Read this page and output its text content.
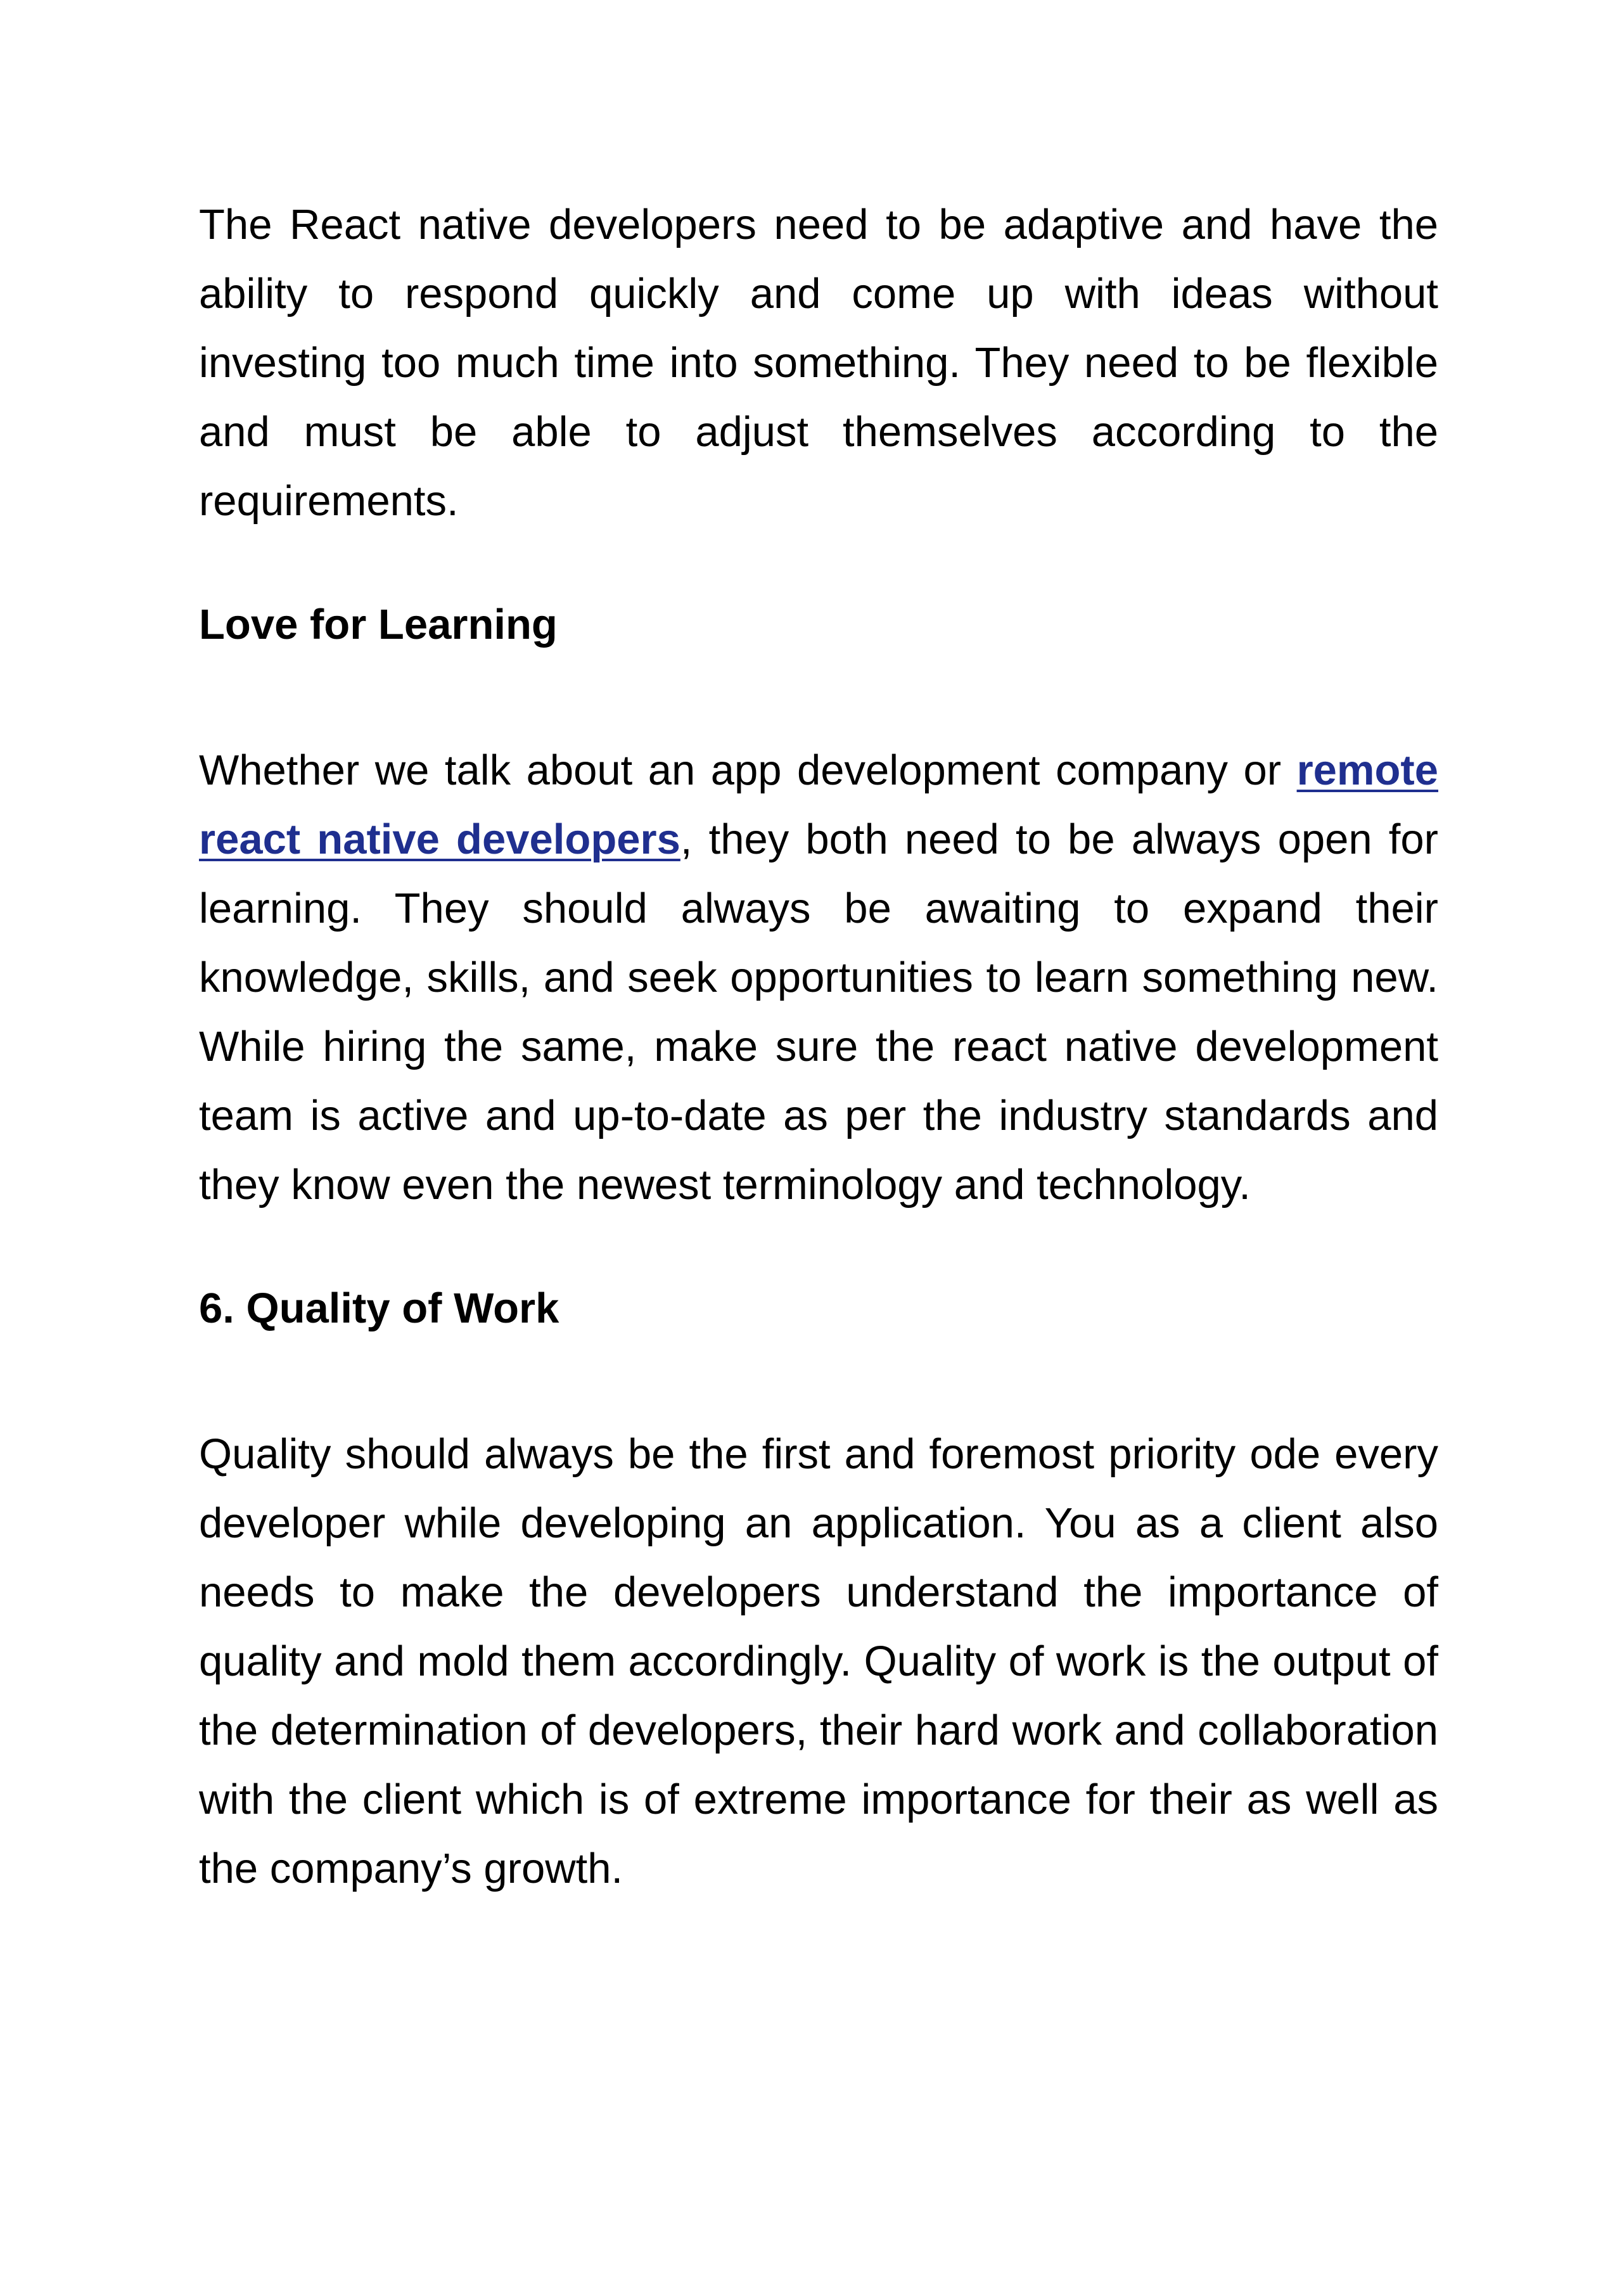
The React native developers need to be adaptive and have the ability to respond quickly and come up with ideas without investing too much time into something. They need to be flexible and must be able to adjust themselves according to the requirements.

Love for Learning

Whether we talk about an app development company or remote react native developers, they both need to be always open for learning. They should always be awaiting to expand their knowledge, skills, and seek opportunities to learn something new. While hiring the same, make sure the react native development team is active and up-to-date as per the industry standards and they know even the newest terminology and technology.

6. Quality of Work

Quality should always be the first and foremost priority ode every developer while developing an application. You as a client also needs to make the developers understand the importance of quality and mold them accordingly. Quality of work is the output of the determination of developers, their hard work and collaboration with the client which is of extreme importance for their as well as the company’s growth.
